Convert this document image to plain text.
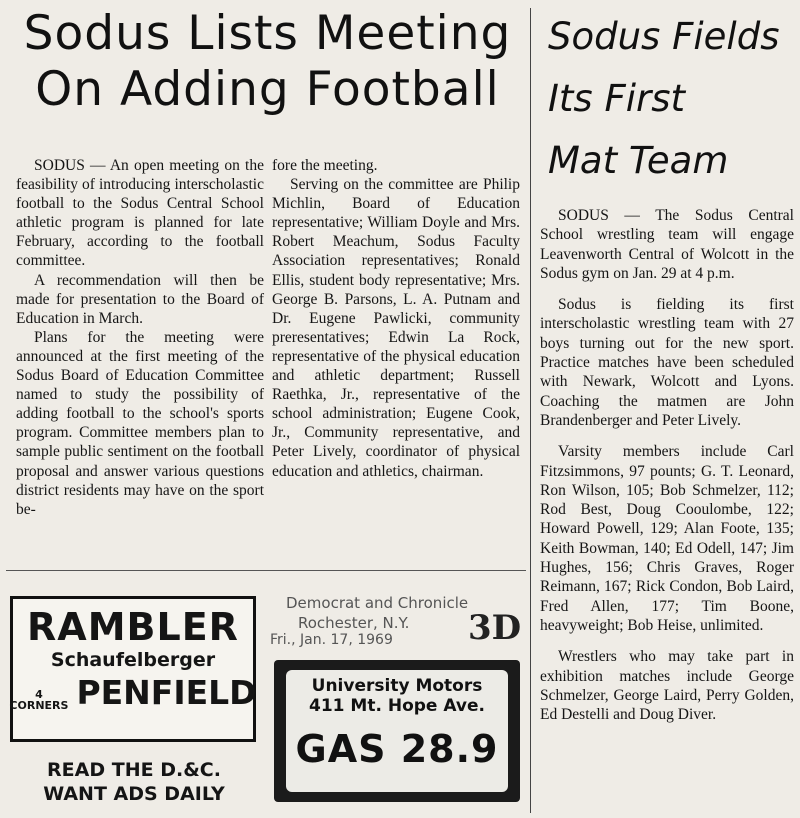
Sodus Lists Meeting
On Adding Football

SODUS — An open meeting on the feasibility of introducing interscholastic football to the Sodus Central School athletic program is planned for late February, according to the football committee.

A recommendation will then be made for presentation to the Board of Education in March.

Plans for the meeting were announced at the first meeting of the Sodus Board of Education Committee named to study the possibility of adding football to the school's sports program. Committee members plan to sample public sentiment on the football proposal and answer various questions district residents may have on the sport be-

fore the meeting.

Serving on the committee are Philip Michlin, Board of Education representative; William Doyle and Mrs. Robert Meachum, Sodus Faculty Association representatives; Ronald Ellis, student body representative; Mrs. George B. Parsons, L. A. Putnam and Dr. Eugene Pawlicki, community preresentatives; Edwin La Rock, representative of the physical education and athletic department; Russell Raethka, Jr., representative of the school administration; Eugene Cook, Jr., Community representative, and Peter Lively, coordinator of physical education and athletics, chairman.

Sodus Fields
Its First
Mat Team

SODUS — The Sodus Central School wrestling team will engage Leavenworth Central of Wolcott in the Sodus gym on Jan. 29 at 4 p.m.

Sodus is fielding its first interscholastic wrestling team with 27 boys turning out for the new sport. Practice matches have been scheduled with Newark, Wolcott and Lyons. Coaching the matmen are John Brandenberger and Peter Lively.

Varsity members include Carl Fitzsimmons, 97 pounts; G. T. Leonard, Ron Wilson, 105; Bob Schmelzer, 112; Rod Best, Doug Cooulombe, 122; Howard Powell, 129; Alan Foote, 135; Keith Bowman, 140; Ed Odell, 147; Jim Hughes, 156; Chris Graves, Roger Reimann, 167; Rick Condon, Bob Laird, Fred Allen, 177; Tim Boone, heavyweight; Bob Heise, unlimited.

Wrestlers who may take part in exhibition matches include George Schmelzer, George Laird, Perry Golden, Ed Destelli and Doug Diver.

RAMBLER
Schaufelberger
4
CORNERS PENFIELD
READ THE D.&C.
WANT ADS DAILY
Democrat and Chronicle
Rochester, N.Y.
Fri., Jan. 17, 1969 3D
University Motors
411 Mt. Hope Ave.
GAS 28.9
